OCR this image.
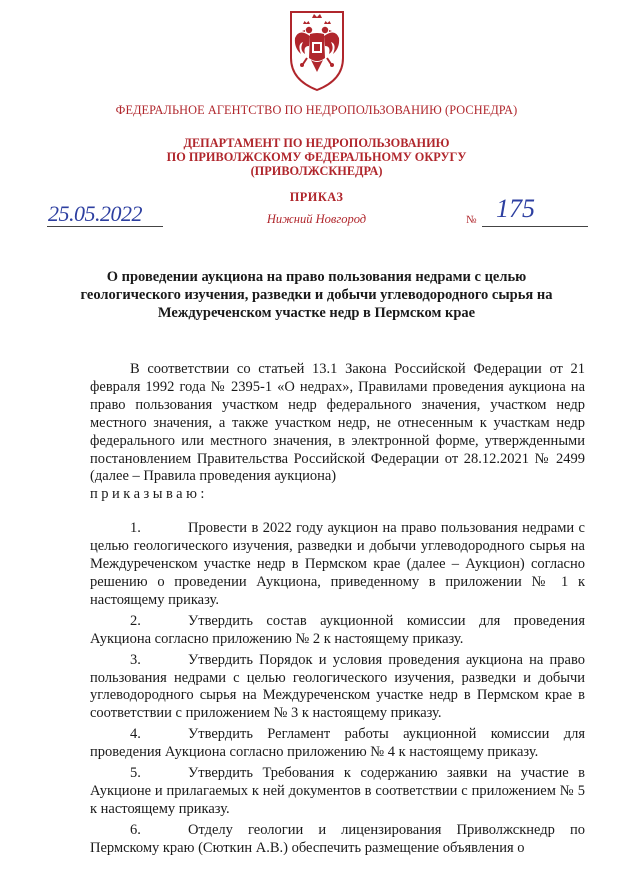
ФЕДЕРАЛЬНОЕ АГЕНТСТВО ПО НЕДРОПОЛЬЗОВАНИЮ (РОСНЕДРА)
ДЕПАРТАМЕНТ ПО НЕДРОПОЛЬЗОВАНИЮ
ПО ПРИВОЛЖСКОМУ ФЕДЕРАЛЬНОМУ ОКРУГУ
(ПРИВОЛЖСКНЕДРА)
ПРИКАЗ
25.05.2022	Нижний Новгород	№ 175
О проведении аукциона на право пользования недрами с целью геологического изучения, разведки и добычи углеводородного сырья на Междуреченском участке недр в Пермском крае

В соответствии со статьей 13.1 Закона Российской Федерации от 21 февраля 1992 года № 2395-1 «О недрах», Правилами проведения аукциона на право пользования участком недр федерального значения, участком недр местного значения, а также участком недр, не отнесенным к участкам недр федерального или местного значения, в электронной форме, утвержденными постановлением Правительства Российской Федерации от 28.12.2021 № 2499 (далее – Правила проведения аукциона)

приказываю:

1.	Провести в 2022 году аукцион на право пользования недрами с целью геологического изучения, разведки и добычи углеводородного сырья на Междуреченском участке недр в Пермском крае (далее – Аукцион) согласно решению о проведении Аукциона, приведенному в приложении № 1 к настоящему приказу.

2.	Утвердить состав аукционной комиссии для проведения Аукциона согласно приложению № 2 к настоящему приказу.

3.	Утвердить Порядок и условия проведения аукциона на право пользования недрами с целью геологического изучения, разведки и добычи углеводородного сырья на Междуреченском участке недр в Пермском крае в соответствии с приложением № 3 к настоящему приказу.

4.	Утвердить Регламент работы аукционной комиссии для проведения Аукциона согласно приложению № 4 к настоящему приказу.

5.	Утвердить Требования к содержанию заявки на участие в Аукционе и прилагаемых к ней документов в соответствии с приложением № 5 к настоящему приказу.

6.	Отделу геологии и лицензирования Приволжскнедр по Пермскому краю (Сюткин А.В.) обеспечить размещение объявления о
